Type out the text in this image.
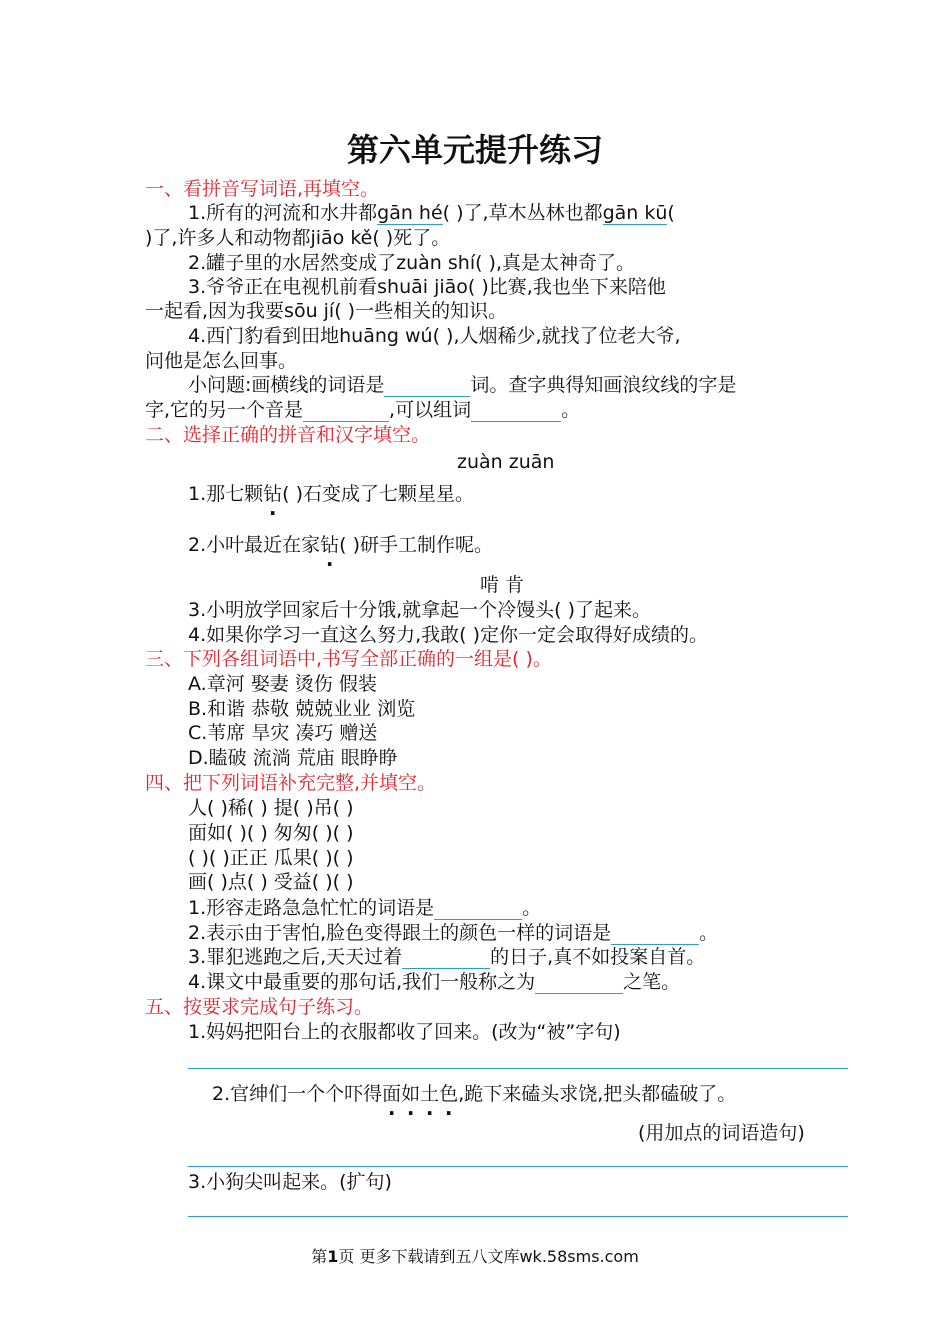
第六单元提升练习
一、看拼音写词语,再填空。
1.所有的河流和水井都gān hé( )了,草木丛林也都gān kū(
)了,许多人和动物都jiāo kě( )死了。
2.罐子里的水居然变成了zuàn shí( ),真是太神奇了。
3.爷爷正在电视机前看shuāi jiāo( )比赛,我也坐下来陪他
一起看,因为我要sōu jí( )一些相关的知识。
4.西门豹看到田地huāng wú( ),人烟稀少,就找了位老大爷,
问他是怎么回事。
小问题:画横线的词语是	词。查字典得知画浪纹线的字是
字,它的另一个音是	,可以组词	。
二、选择正确的拼音和汉字填空。
zuàn zuān
1.那七颗钻( )石变成了七颗星星。
2.小叶最近在家钻( )研手工制作呢。
啃 肯
3.小明放学回家后十分饿,就拿起一个冷馒头( )了起来。
4.如果你学习一直这么努力,我敢( )定你一定会取得好成绩的。
三、下列各组词语中,书写全部正确的一组是( )。
A.章河 娶妻 烫伤 假装
B.和谐 恭敬 兢兢业业 浏览
C.苇席 旱灾 凑巧 赠送
D.瞌破 流淌 荒庙 眼睁睁
四、把下列词语补充完整,并填空。
人( )稀( ) 提( )吊( )
面如( )( ) 匆匆( )( )
( )( )正正 瓜果( )( )
画( )点( ) 受益( )( )
1.形容走路急急忙忙的词语是	。
2.表示由于害怕,脸色变得跟土的颜色一样的词语是	。
3.罪犯逃跑之后,天天过着	的日子,真不如投案自首。
4.课文中最重要的那句话,我们一般称之为	之笔。
五、按要求完成句子练习。
1.妈妈把阳台上的衣服都收了回来。(改为“被”字句)
2.官绅们一个个吓得面如土色,跪下来磕头求饶,把头都磕破了。
(用加点的词语造句)
3.小狗尖叫起来。(扩句)
第1页 更多下载请到五八文库wk.58sms.com
